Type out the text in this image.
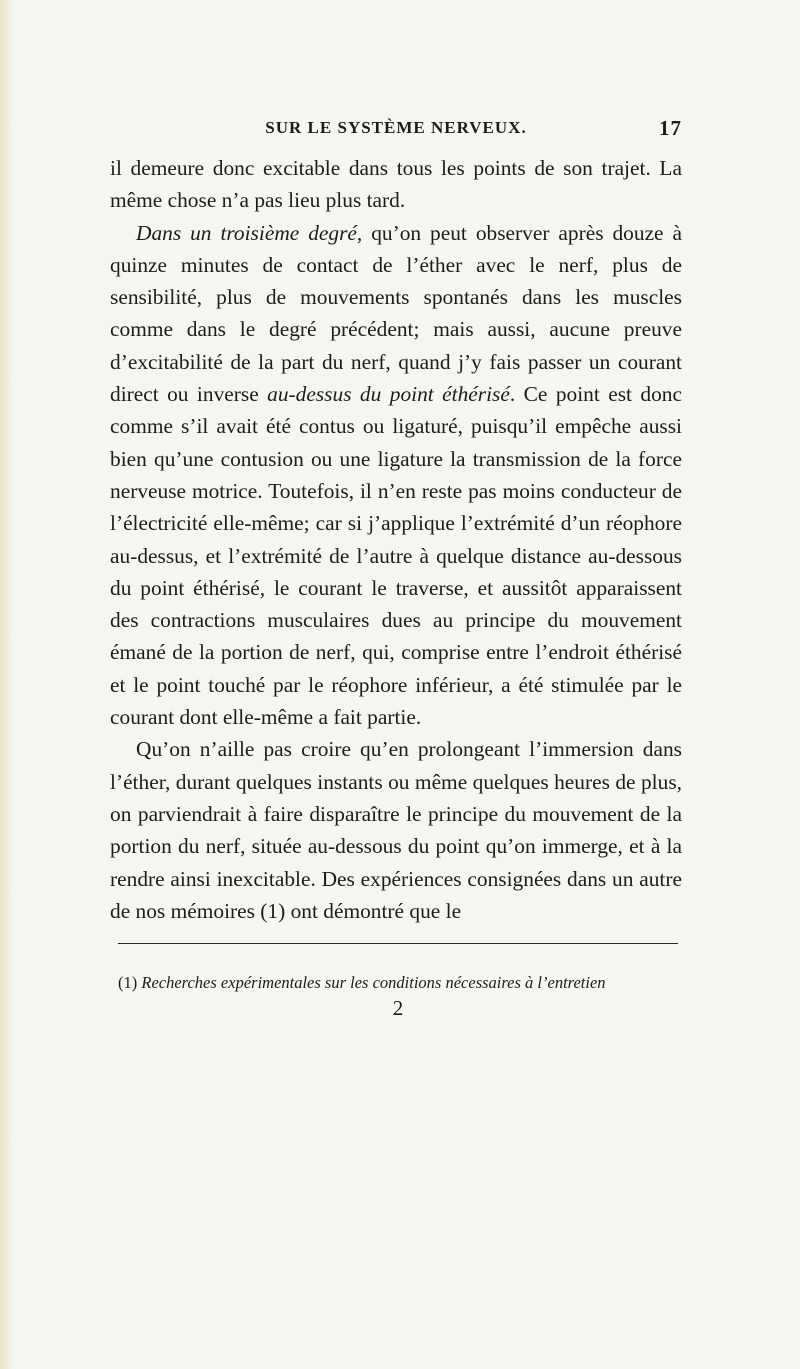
SUR LE SYSTÈME NERVEUX.	17

il demeure donc excitable dans tous les points de son trajet. La même chose n’a pas lieu plus tard.

Dans un troisième degré, qu’on peut observer après douze à quinze minutes de contact de l’éther avec le nerf, plus de sensibilité, plus de mouvements spontanés dans les muscles comme dans le degré précédent; mais aussi, aucune preuve d’excitabilité de la part du nerf, quand j’y fais passer un courant direct ou inverse au-dessus du point éthérisé. Ce point est donc comme s’il avait été contus ou ligaturé, puisqu’il empêche aussi bien qu’une contusion ou une ligature la transmission de la force nerveuse motrice. Toutefois, il n’en reste pas moins conducteur de l’électricité elle-même; car si j’applique l’extrémité d’un réophore au-dessus, et l’extrémité de l’autre à quelque distance au-dessous du point éthérisé, le courant le traverse, et aussitôt apparaissent des contractions musculaires dues au principe du mouvement émané de la portion de nerf, qui, comprise entre l’endroit éthérisé et le point touché par le réophore inférieur, a été stimulée par le courant dont elle-même a fait partie.

Qu’on n’aille pas croire qu’en prolongeant l’immersion dans l’éther, durant quelques instants ou même quelques heures de plus, on parviendrait à faire disparaître le principe du mouvement de la portion du nerf, située au-dessous du point qu’on immerge, et à la rendre ainsi inexcitable. Des expériences consignées dans un autre de nos mémoires (1) ont démontré que le

(1) Recherches expérimentales sur les conditions nécessaires à l’entretien
2
